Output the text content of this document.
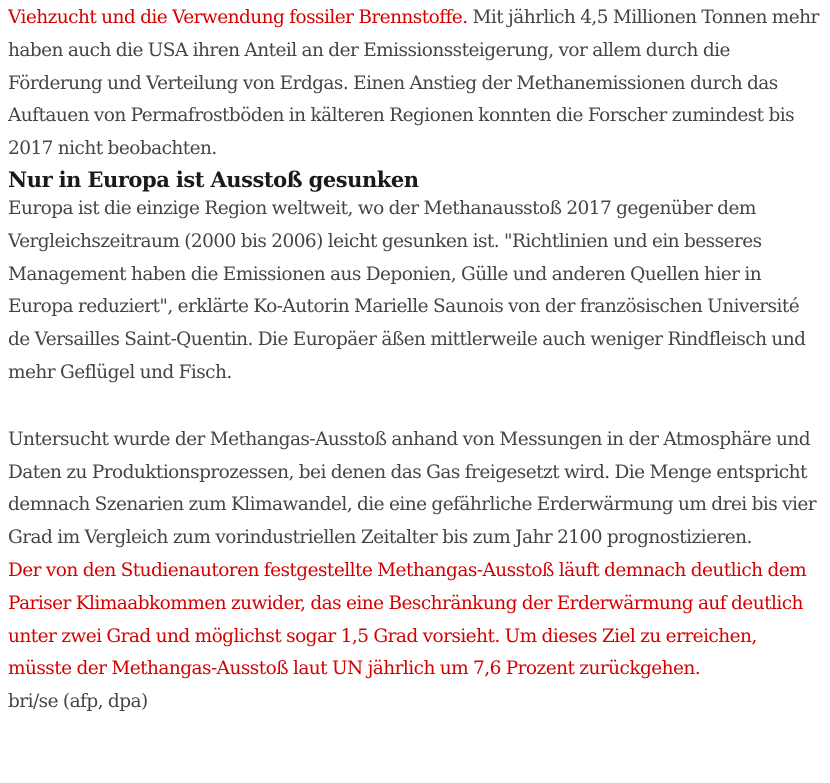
Viehzucht und die Verwendung fossiler Brennstoffe. Mit jährlich 4,5 Millionen Tonnen mehr haben auch die USA ihren Anteil an der Emissionssteigerung, vor allem durch die Förderung und Verteilung von Erdgas. Einen Anstieg der Methanemissionen durch das Auftauen von Permafrostböden in kälteren Regionen konnten die Forscher zumindest bis 2017 nicht beobachten.

Nur in Europa ist Ausstoß gesunken

Europa ist die einzige Region weltweit, wo der Methanausstoß 2017 gegenüber dem Vergleichszeitraum (2000 bis 2006) leicht gesunken ist. "Richtlinien und ein besseres Management haben die Emissionen aus Deponien, Gülle und anderen Quellen hier in Europa reduziert", erklärte Ko-Autorin Marielle Saunois von der französischen Université de Versailles Saint-Quentin. Die Europäer äßen mittlerweile auch weniger Rindfleisch und mehr Geflügel und Fisch.

Untersucht wurde der Methangas-Ausstoß anhand von Messungen in der Atmosphäre und Daten zu Produktionsprozessen, bei denen das Gas freigesetzt wird. Die Menge entspricht demnach Szenarien zum Klimawandel, die eine gefährliche Erderwärmung um drei bis vier Grad im Vergleich zum vorindustriellen Zeitalter bis zum Jahr 2100 prognostizieren.

Der von den Studienautoren festgestellte Methangas-Ausstoß läuft demnach deutlich dem Pariser Klimaabkommen zuwider, das eine Beschränkung der Erderwärmung auf deutlich unter zwei Grad und möglichst sogar 1,5 Grad vorsieht. Um dieses Ziel zu erreichen, müsste der Methangas-Ausstoß laut UN jährlich um 7,6 Prozent zurückgehen.

bri/se (afp, dpa)
